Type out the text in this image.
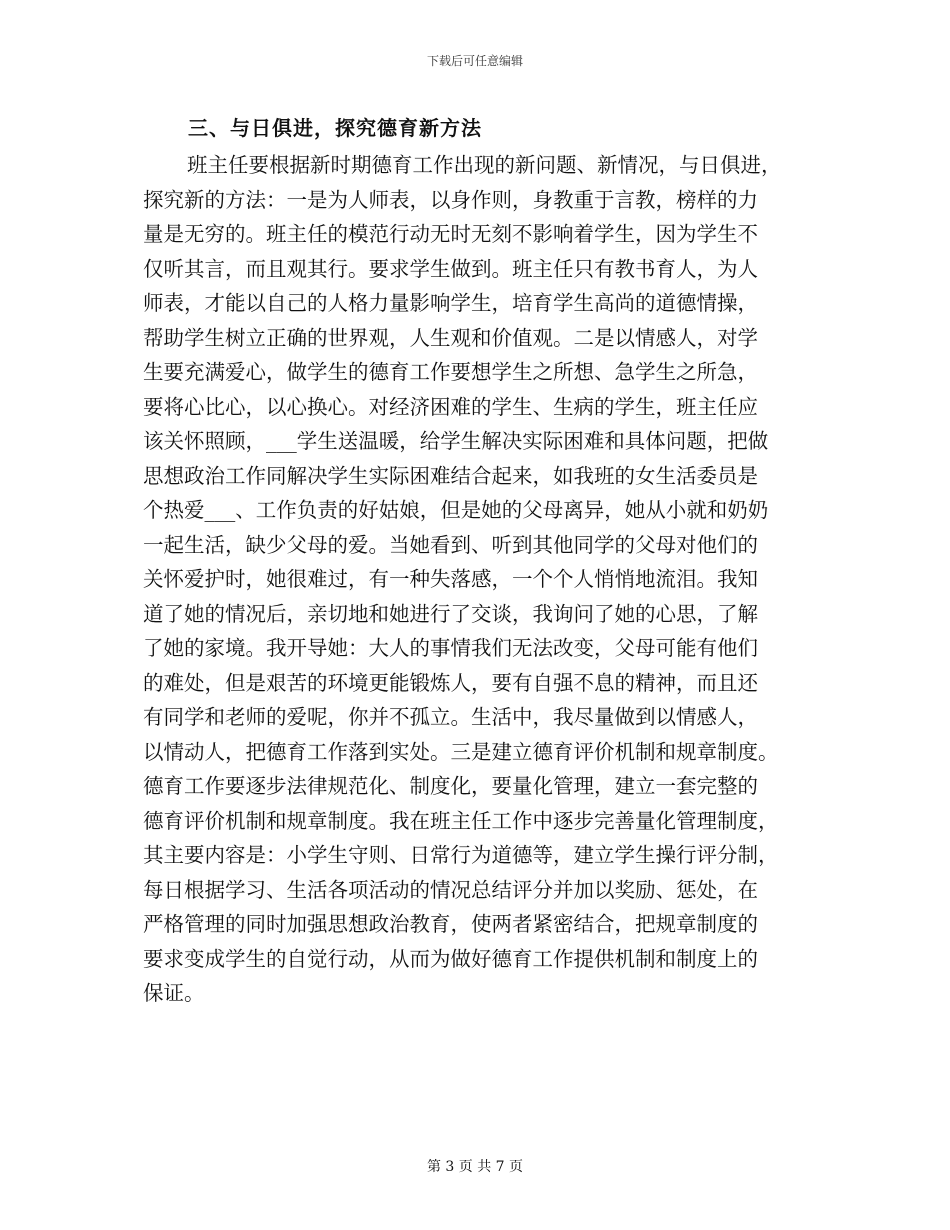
下载后可任意编辑
三、与日俱进，探究德育新方法
班主任要根据新时期德育工作出现的新问题、新情况，与日俱进，
探究新的方法：一是为人师表，以身作则，身教重于言教，榜样的力
量是无穷的。班主任的模范行动无时无刻不影响着学生，因为学生不
仅听其言，而且观其行。要求学生做到。班主任只有教书育人，为人
师表，才能以自己的人格力量影响学生，培育学生高尚的道德情操，
帮助学生树立正确的世界观，人生观和价值观。二是以情感人，对学
生要充满爱心，做学生的德育工作要想学生之所想、急学生之所急，
要将心比心，以心换心。对经济困难的学生、生病的学生，班主任应
该关怀照顾，___学生送温暖，给学生解决实际困难和具体问题，把做
思想政治工作同解决学生实际困难结合起来，如我班的女生活委员是
个热爱___、工作负责的好姑娘，但是她的父母离异，她从小就和奶奶
一起生活，缺少父母的爱。当她看到、听到其他同学的父母对他们的
关怀爱护时，她很难过，有一种失落感，一个个人悄悄地流泪。我知
道了她的情况后，亲切地和她进行了交谈，我询问了她的心思，了解
了她的家境。我开导她：大人的事情我们无法改变，父母可能有他们
的难处，但是艰苦的环境更能锻炼人，要有自强不息的精神，而且还
有同学和老师的爱呢，你并不孤立。生活中，我尽量做到以情感人，
以情动人，把德育工作落到实处。三是建立德育评价机制和规章制度。
德育工作要逐步法律规范化、制度化，要量化管理，建立一套完整的
德育评价机制和规章制度。我在班主任工作中逐步完善量化管理制度，
其主要内容是：小学生守则、日常行为道德等，建立学生操行评分制，
每日根据学习、生活各项活动的情况总结评分并加以奖励、惩处，在
严格管理的同时加强思想政治教育，使两者紧密结合，把规章制度的
要求变成学生的自觉行动，从而为做好德育工作提供机制和制度上的
保证。
第 3 页 共 7 页
